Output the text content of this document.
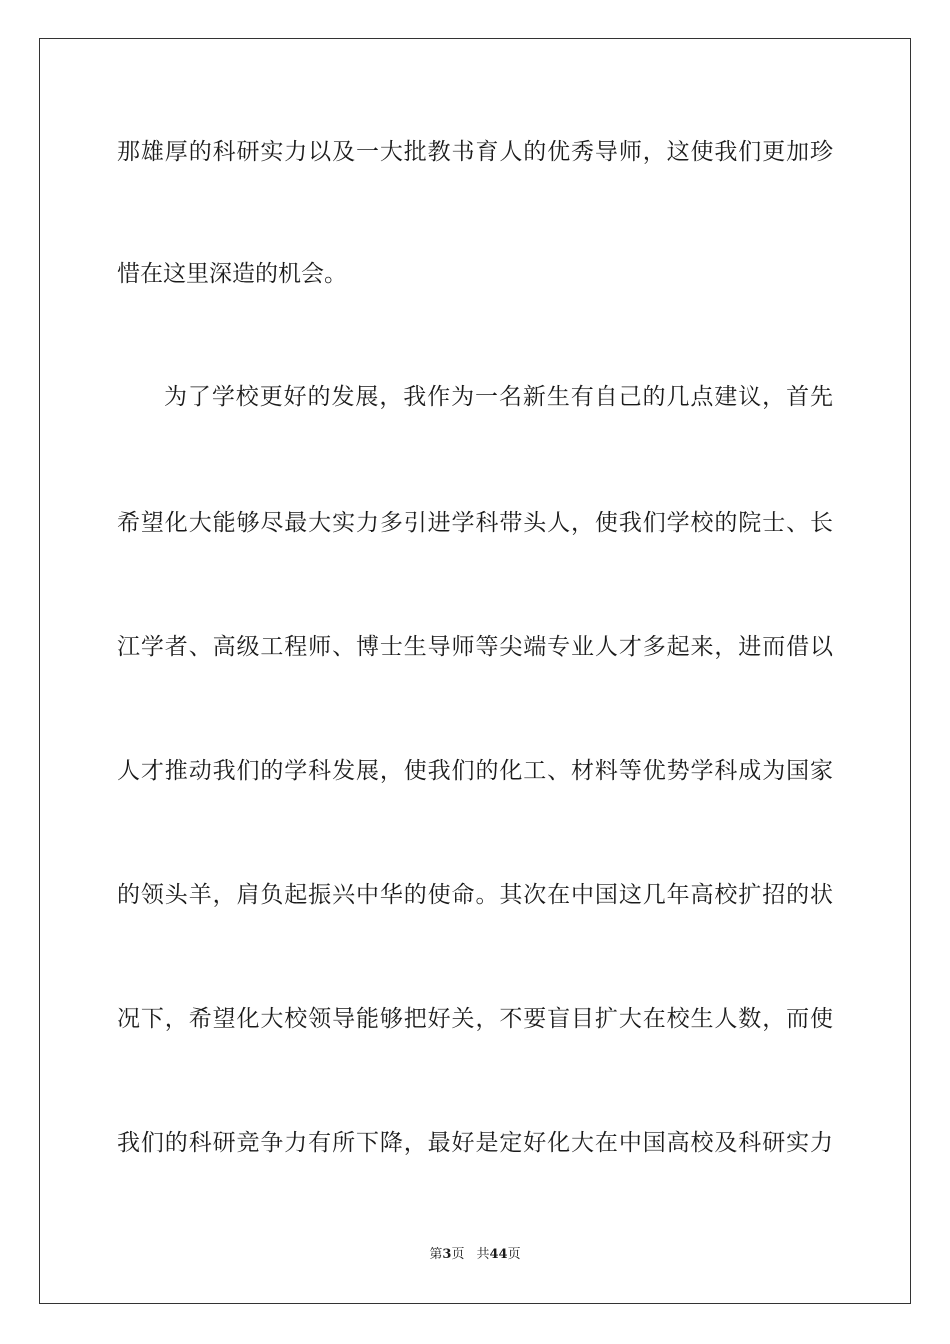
那雄厚的科研实力以及一大批教书育人的优秀导师，这使我们更加珍
惜在这里深造的机会。
为了学校更好的发展，我作为一名新生有自己的几点建议，首先
希望化大能够尽最大实力多引进学科带头人，使我们学校的院士、长
江学者、高级工程师、博士生导师等尖端专业人才多起来，进而借以
人才推动我们的学科发展，使我们的化工、材料等优势学科成为国家
的领头羊，肩负起振兴中华的使命。其次在中国这几年高校扩招的状
况下，希望化大校领导能够把好关，不要盲目扩大在校生人数，而使
我们的科研竞争力有所下降，最好是定好化大在中国高校及科研实力
第3页 共44页
